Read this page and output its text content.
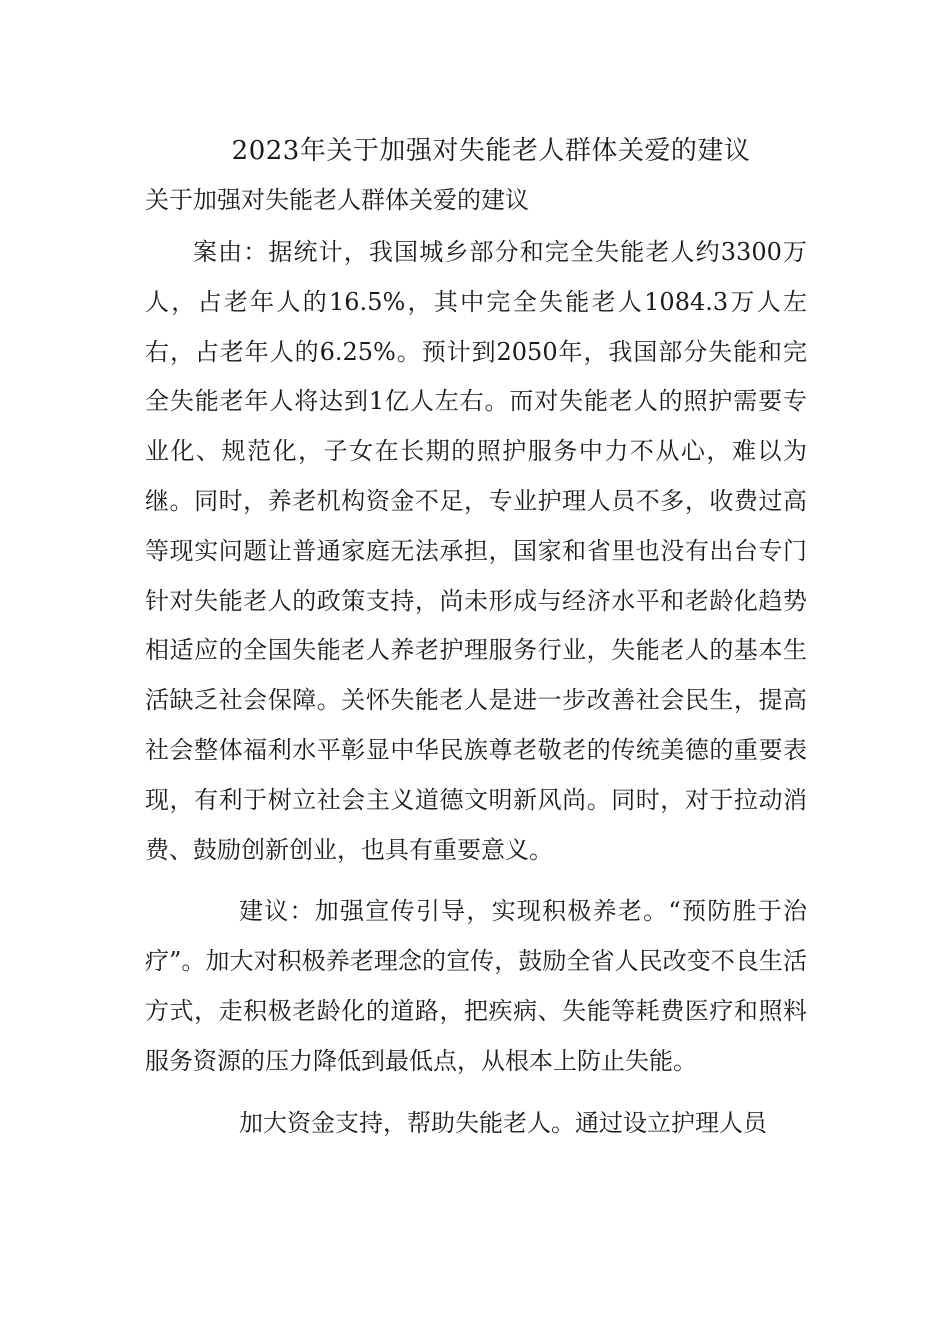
2023年关于加强对失能老人群体关爱的建议
关于加强对失能老人群体关爱的建议

案由：据统计，我国城乡部分和完全失能老人约3300万人，占老年人的16.5%，其中完全失能老人1084.3万人左右，占老年人的6.25%。预计到2050年，我国部分失能和完全失能老年人将达到1亿人左右。而对失能老人的照护需要专业化、规范化，子女在长期的照护服务中力不从心，难以为继。同时，养老机构资金不足，专业护理人员不多，收费过高等现实问题让普通家庭无法承担，国家和省里也没有出台专门针对失能老人的政策支持，尚未形成与经济水平和老龄化趋势相适应的全国失能老人养老护理服务行业，失能老人的基本生活缺乏社会保障。关怀失能老人是进一步改善社会民生，提高社会整体福利水平彰显中华民族尊老敬老的传统美德的重要表现，有利于树立社会主义道德文明新风尚。同时，对于拉动消费、鼓励创新创业，也具有重要意义。

建议：加强宣传引导，实现积极养老。“预防胜于治疗”。加大对积极养老理念的宣传，鼓励全省人民改变不良生活方式，走积极老龄化的道路，把疾病、失能等耗费医疗和照料服务资源的压力降低到最低点，从根本上防止失能。

加大资金支持，帮助失能老人。通过设立护理人员
